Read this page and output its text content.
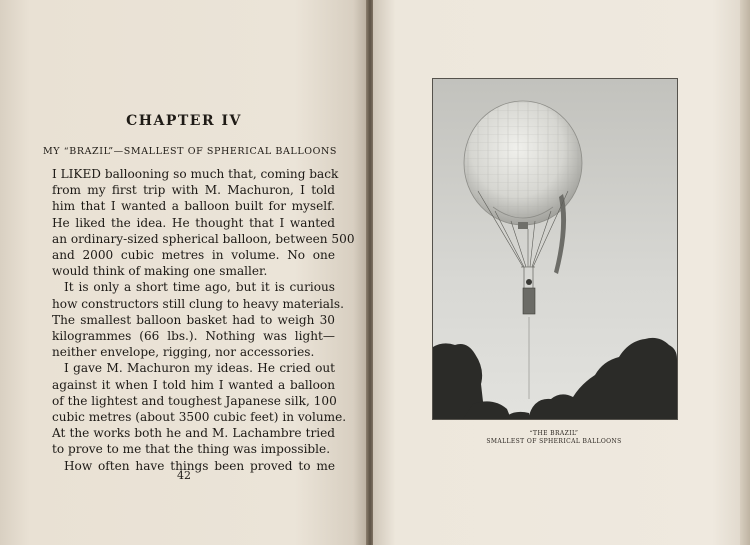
CHAPTER IV
MY “BRAZIL”—SMALLEST OF SPHERICAL BALLOONS
I LIKED ballooning so much that, coming back
from my first trip with M. Machuron, I told
him that I wanted a balloon built for myself.
He liked the idea. He thought that I wanted
an ordinary-sized spherical balloon, between 500
and 2000 cubic metres in volume. No one
would think of making one smaller.
It is only a short time ago, but it is curious
how constructors still clung to heavy materials.
The smallest balloon basket had to weigh 30
kilogrammes (66 lbs.). Nothing was light—
neither envelope, rigging, nor accessories.
I gave M. Machuron my ideas. He cried out
against it when I told him I wanted a balloon
of the lightest and toughest Japanese silk, 100
cubic metres (about 3500 cubic feet) in volume.
At the works both he and M. Lachambre tried
to prove to me that the thing was impossible.
How often have things been proved to me
42
“THE BRAZIL”
SMALLEST OF SPHERICAL BALLOONS
